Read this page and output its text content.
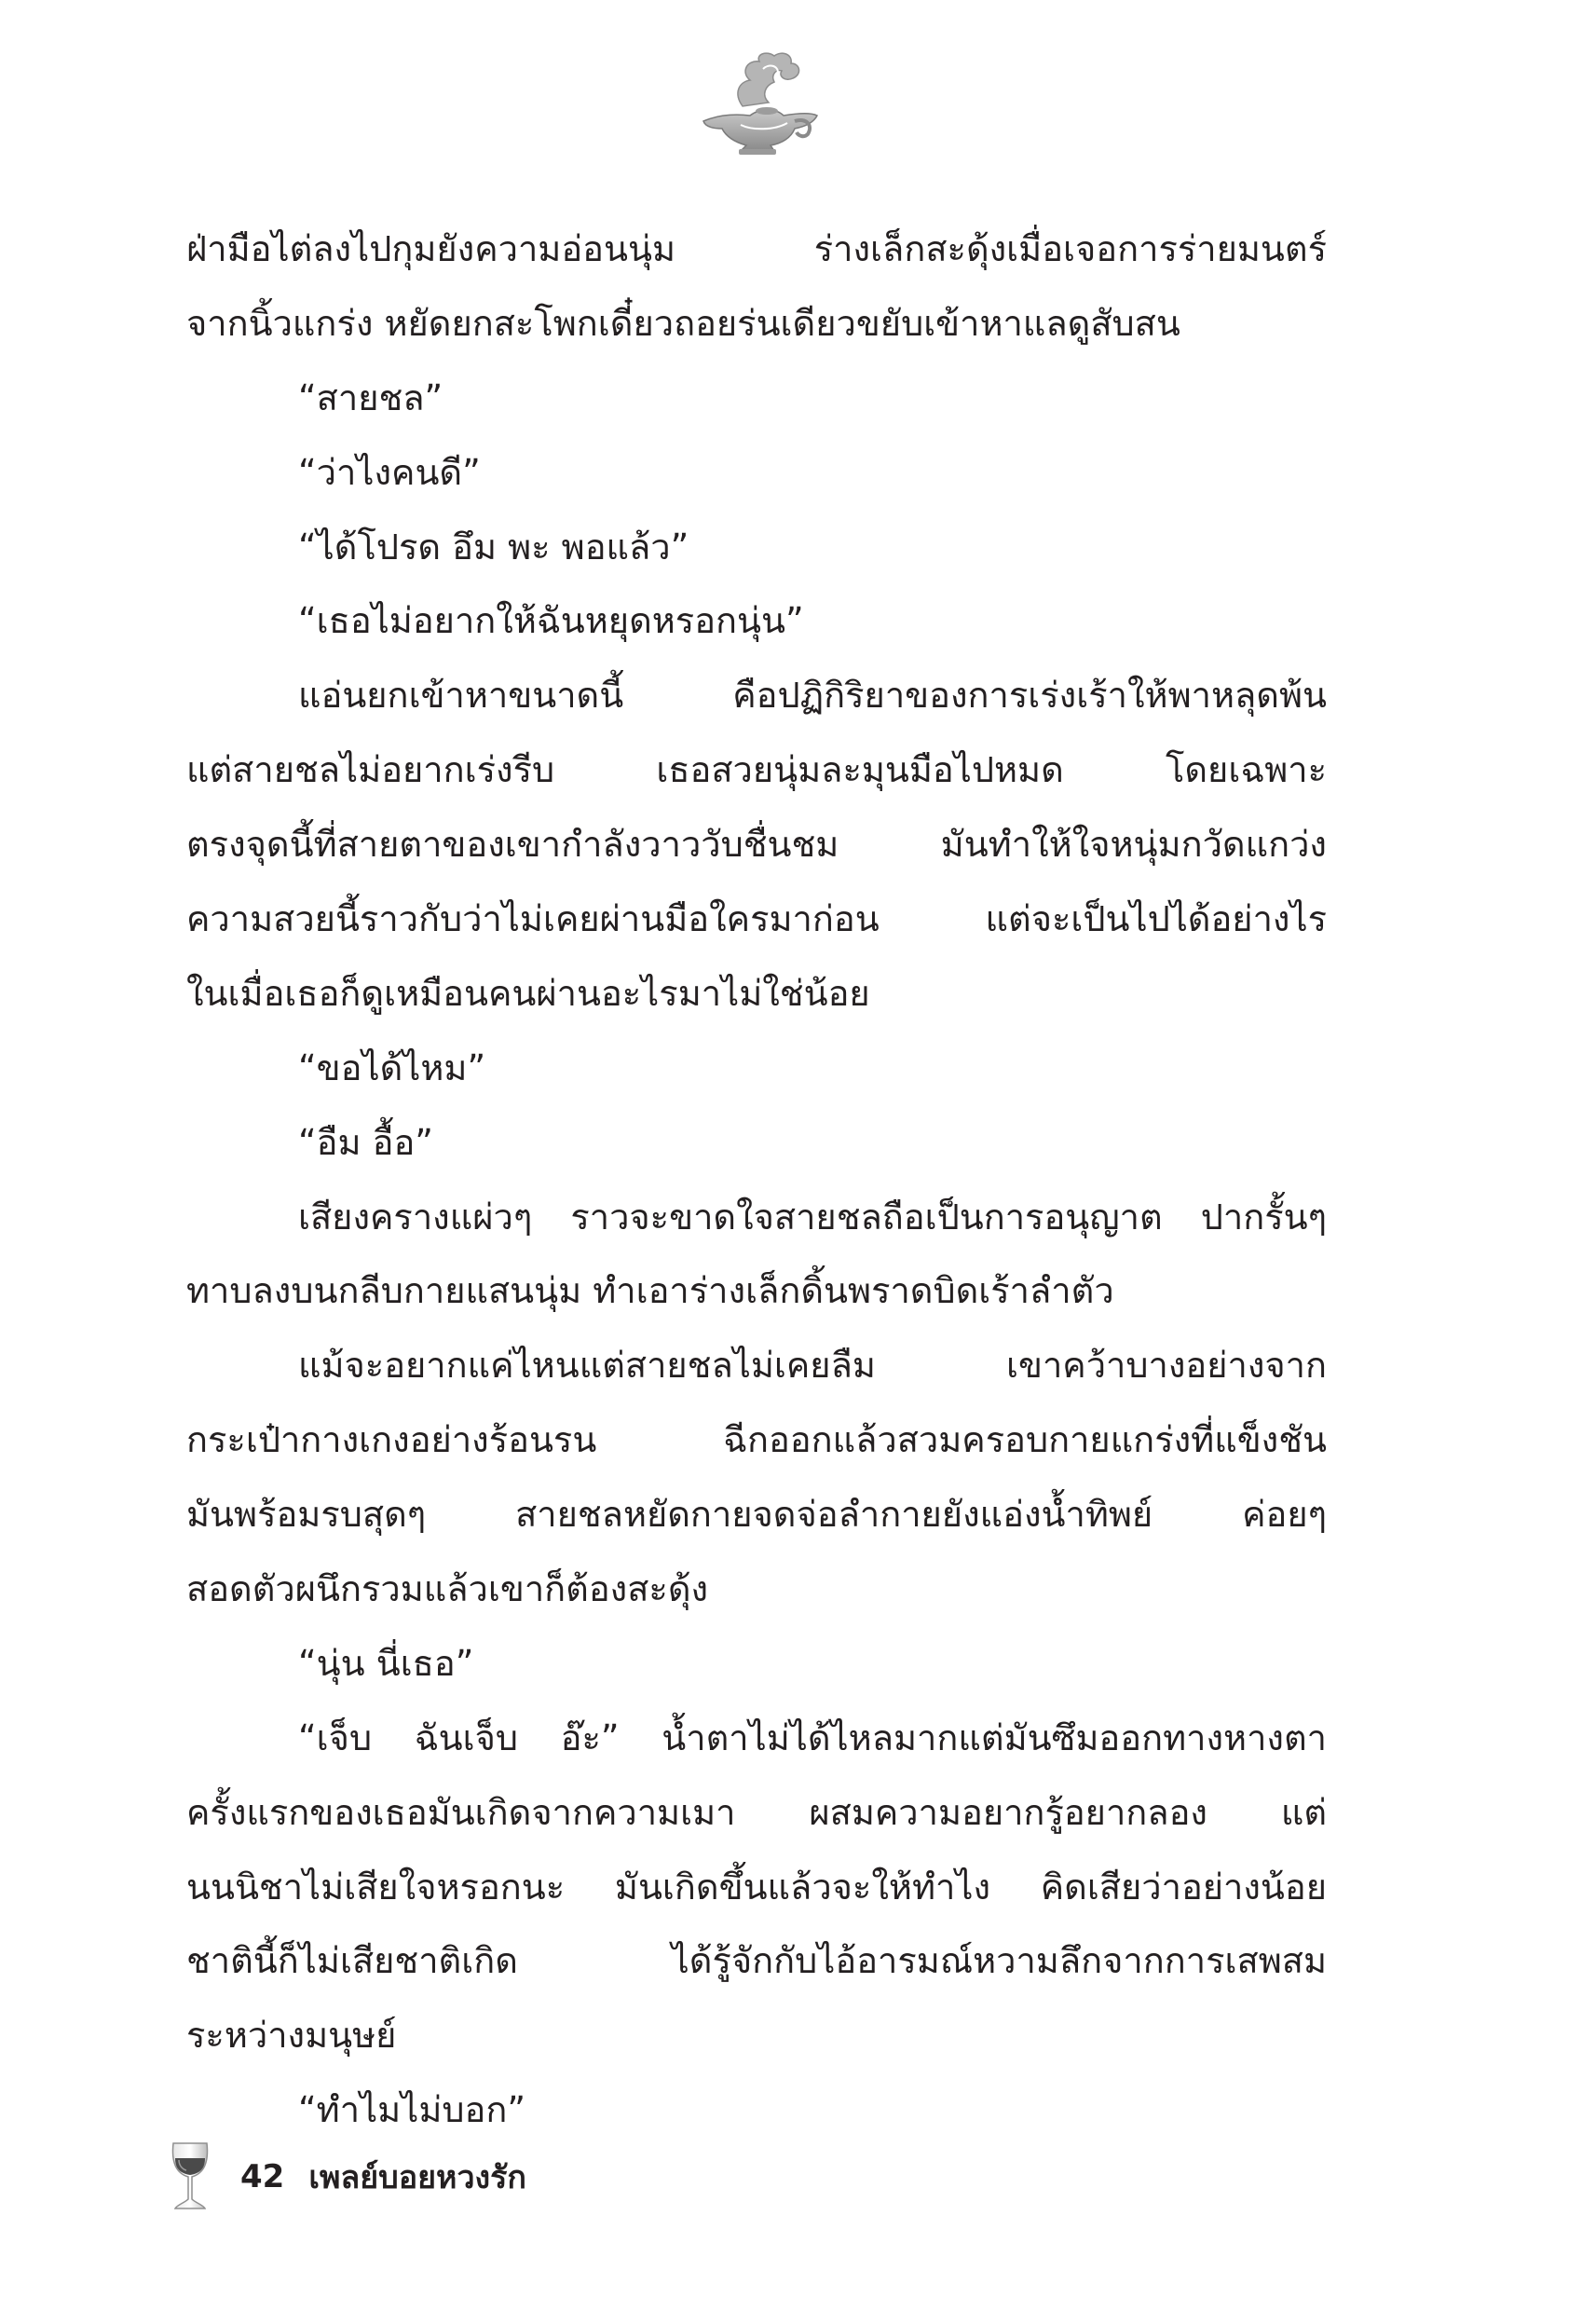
ฝ่ามือไต่ลงไปกุมยังความอ่อนนุ่ม ร่างเล็กสะดุ้งเมื่อเจอการร่ายมนตร์
จากนิ้วแกร่ง หยัดยกสะโพกเดี๋ยวถอยร่นเดียวขยับเข้าหาแลดูสับสน
“สายชล”
“ว่าไงคนดี”
“ได้โปรด อึม พะ พอแล้ว”
“เธอไม่อยากให้ฉันหยุดหรอกนุ่น”
แอ่นยกเข้าหาขนาดนี้ คือปฏิกิริยาของการเร่งเร้าให้พาหลุดพ้น
แต่สายชลไม่อยากเร่งรีบ เธอสวยนุ่มละมุนมือไปหมด โดยเฉพาะ
ตรงจุดนี้ที่สายตาของเขากำลังวาววับชื่นชม มันทำให้ใจหนุ่มกวัดแกว่ง
ความสวยนี้ราวกับว่าไม่เคยผ่านมือใครมาก่อน แต่จะเป็นไปได้อย่างไร
ในเมื่อเธอก็ดูเหมือนคนผ่านอะไรมาไม่ใช่น้อย
“ขอได้ไหม”
“อืม อื้อ”
เสียงครางแผ่วๆ ราวจะขาดใจสายชลถือเป็นการอนุญาต ปากรั้นๆ
ทาบลงบนกลีบกายแสนนุ่ม ทำเอาร่างเล็กดิ้นพราดบิดเร้าลำตัว
แม้จะอยากแค่ไหนแต่สายชลไม่เคยลืม เขาคว้าบางอย่างจาก
กระเป๋ากางเกงอย่างร้อนรน ฉีกออกแล้วสวมครอบกายแกร่งที่แข็งชัน
มันพร้อมรบสุดๆ สายชลหยัดกายจดจ่อลำกายยังแอ่งน้ำทิพย์ ค่อยๆ
สอดตัวผนึกรวมแล้วเขาก็ต้องสะดุ้ง
“นุ่น นี่เธอ”
“เจ็บ ฉันเจ็บ อ๊ะ” น้ำตาไม่ได้ไหลมากแต่มันซึมออกทางหางตา
ครั้งแรกของเธอมันเกิดจากความเมา ผสมความอยากรู้อยากลอง แต่
นนนิชาไม่เสียใจหรอกนะ มันเกิดขึ้นแล้วจะให้ทำไง คิดเสียว่าอย่างน้อย
ชาตินี้ก็ไม่เสียชาติเกิด ได้รู้จักกับไอ้อารมณ์หวามลึกจากการเสพสม
ระหว่างมนุษย์
“ทำไมไม่บอก”
42 เพลย์บอยหวงรัก
